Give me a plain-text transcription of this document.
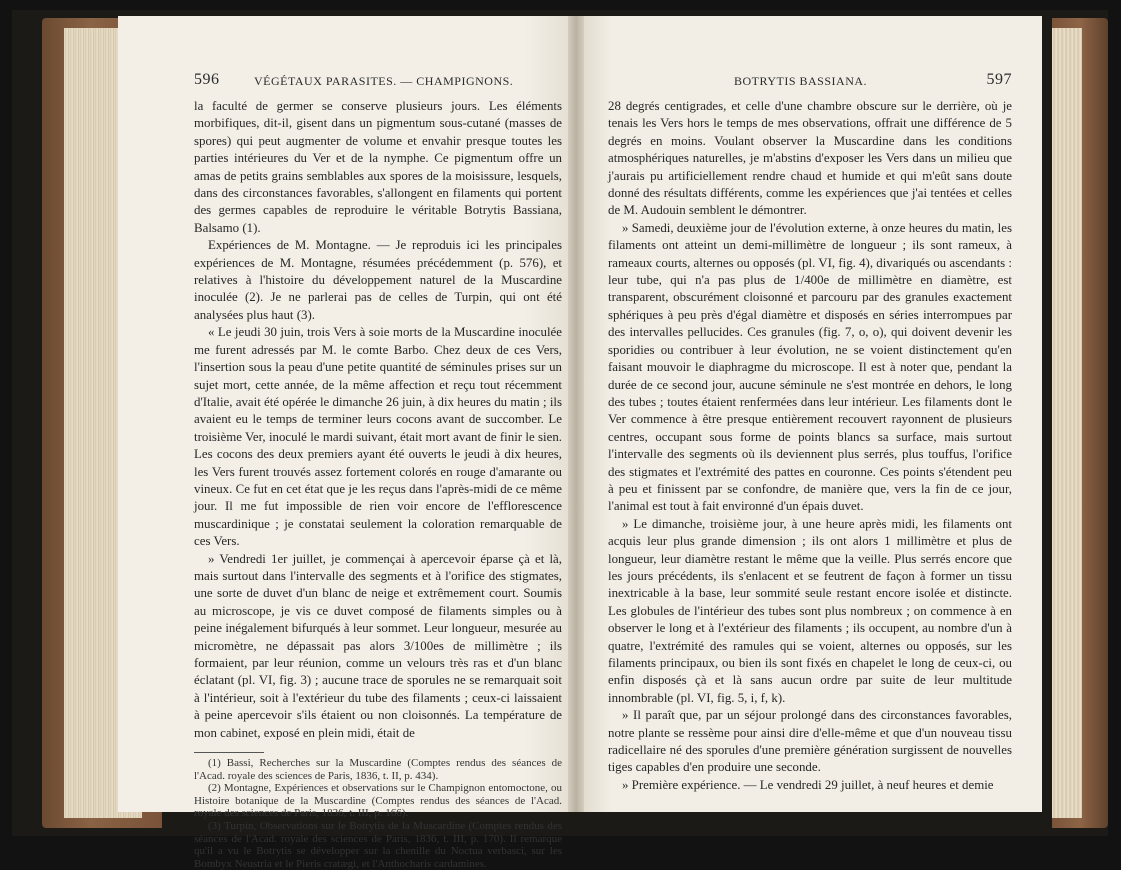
596	VÉGÉTAUX PARASITES. — CHAMPIGNONS.

la faculté de germer se conserve plusieurs jours. Les éléments morbifiques, dit-il, gisent dans un pigmentum sous-cutané (masses de spores) qui peut augmenter de volume et envahir presque toutes les parties intérieures du Ver et de la nymphe. Ce pigmentum offre un amas de petits grains semblables aux spores de la moisissure, lesquels, dans des circonstances favorables, s'allongent en filaments qui portent des germes capables de reproduire le véritable Botrytis Bassiana, Balsamo (1).

Expériences de M. Montagne. — Je reproduis ici les principales expériences de M. Montagne, résumées précédemment (p. 576), et relatives à l'histoire du développement naturel de la Muscardine inoculée (2). Je ne parlerai pas de celles de Turpin, qui ont été analysées plus haut (3).

« Le jeudi 30 juin, trois Vers à soie morts de la Muscardine inoculée me furent adressés par M. le comte Barbo. Chez deux de ces Vers, l'insertion sous la peau d'une petite quantité de séminules prises sur un sujet mort, cette année, de la même affection et reçu tout récemment d'Italie, avait été opérée le dimanche 26 juin, à dix heures du matin ; ils avaient eu le temps de terminer leurs cocons avant de succomber. Le troisième Ver, inoculé le mardi suivant, était mort avant de finir le sien. Les cocons des deux premiers ayant été ouverts le jeudi à dix heures, les Vers furent trouvés assez fortement colorés en rouge d'amarante ou vineux. Ce fut en cet état que je les reçus dans l'après-midi de ce même jour. Il me fut impossible de rien voir encore de l'efflorescence muscardinique ; je constatai seulement la coloration remarquable de ces Vers.

» Vendredi 1er juillet, je commençai à apercevoir éparse çà et là, mais surtout dans l'intervalle des segments et à l'orifice des stigmates, une sorte de duvet d'un blanc de neige et extrêmement court. Soumis au microscope, je vis ce duvet composé de filaments simples ou à peine inégalement bifurqués à leur sommet. Leur longueur, mesurée au micromètre, ne dépassait pas alors 3/100es de millimètre ; ils formaient, par leur réunion, comme un velours très ras et d'un blanc éclatant (pl. VI, fig. 3) ; aucune trace de sporules ne se remarquait soit à l'intérieur, soit à l'extérieur du tube des filaments ; ceux-ci laissaient à peine apercevoir s'ils étaient ou non cloisonnés. La température de mon cabinet, exposé en plein midi, était de

(1) Bassi, Recherches sur la Muscardine (Comptes rendus des séances de l'Acad. royale des sciences de Paris, 1836, t. II, p. 434).

(2) Montagne, Expériences et observations sur le Champignon entomoctone, ou Histoire botanique de la Muscardine (Comptes rendus des séances de l'Acad. royale des sciences de Paris, 1836, t. III, p. 166).

(3) Turpin, Observations sur le Botrytis de la Muscardine (Comptes rendus des séances de l'Acad. royale des sciences de Paris, 1836, t. III, p. 170). Il remarque qu'il a vu le Botrytis se développer sur la chenille du Noctua verbasci, sur les Bombyx Neustria et le Pieris cratægi, et l'Anthocharis cardamines.

BOTRYTIS BASSIANA.	597

28 degrés centigrades, et celle d'une chambre obscure sur le derrière, où je tenais les Vers hors le temps de mes observations, offrait une différence de 5 degrés en moins. Voulant observer la Muscardine dans les conditions atmosphériques naturelles, je m'abstins d'exposer les Vers dans un milieu que j'aurais pu artificiellement rendre chaud et humide et qui m'eût sans doute donné des résultats différents, comme les expériences que j'ai tentées et celles de M. Audouin semblent le démontrer.

» Samedi, deuxième jour de l'évolution externe, à onze heures du matin, les filaments ont atteint un demi-millimètre de longueur ; ils sont rameux, à rameaux courts, alternes ou opposés (pl. VI, fig. 4), divariqués ou ascendants : leur tube, qui n'a pas plus de 1/400e de millimètre en diamètre, est transparent, obscurément cloisonné et parcouru par des granules exactement sphériques à peu près d'égal diamètre et disposés en séries interrompues par des intervalles pellucides. Ces granules (fig. 7, o, o), qui doivent devenir les sporidies ou contribuer à leur évolution, ne se voient distinctement qu'en faisant mouvoir le diaphragme du microscope. Il est à noter que, pendant la durée de ce second jour, aucune séminule ne s'est montrée en dehors, le long des tubes ; toutes étaient renfermées dans leur intérieur. Les filaments dont le Ver commence à être presque entièrement recouvert rayonnent de plusieurs centres, occupant sous forme de points blancs sa surface, mais surtout l'intervalle des segments où ils deviennent plus serrés, plus touffus, l'orifice des stigmates et l'extrémité des pattes en couronne. Ces points s'étendent peu à peu et finissent par se confondre, de manière que, vers la fin de ce jour, l'animal est tout à fait environné d'un épais duvet.

» Le dimanche, troisième jour, à une heure après midi, les filaments ont acquis leur plus grande dimension ; ils ont alors 1 millimètre et plus de longueur, leur diamètre restant le même que la veille. Plus serrés encore que les jours précédents, ils s'enlacent et se feutrent de façon à former un tissu inextricable à la base, leur sommité seule restant encore isolée et distincte. Les globules de l'intérieur des tubes sont plus nombreux ; on commence à en observer le long et à l'extérieur des filaments ; ils occupent, au nombre d'un à quatre, l'extrémité des ramules qui se voient, alternes ou opposés, sur les filaments principaux, ou bien ils sont fixés en chapelet le long de ceux-ci, ou enfin disposés çà et là sans aucun ordre par suite de leur multitude innombrable (pl. VI, fig. 5, i, f, k).

» Il paraît que, par un séjour prolongé dans des circonstances favorables, notre plante se ressème pour ainsi dire d'elle-même et que d'un nouveau tissu radicellaire né des sporules d'une première génération surgissent de nouvelles tiges capables d'en produire une seconde.

» Première expérience. — Le vendredi 29 juillet, à neuf heures et demie
